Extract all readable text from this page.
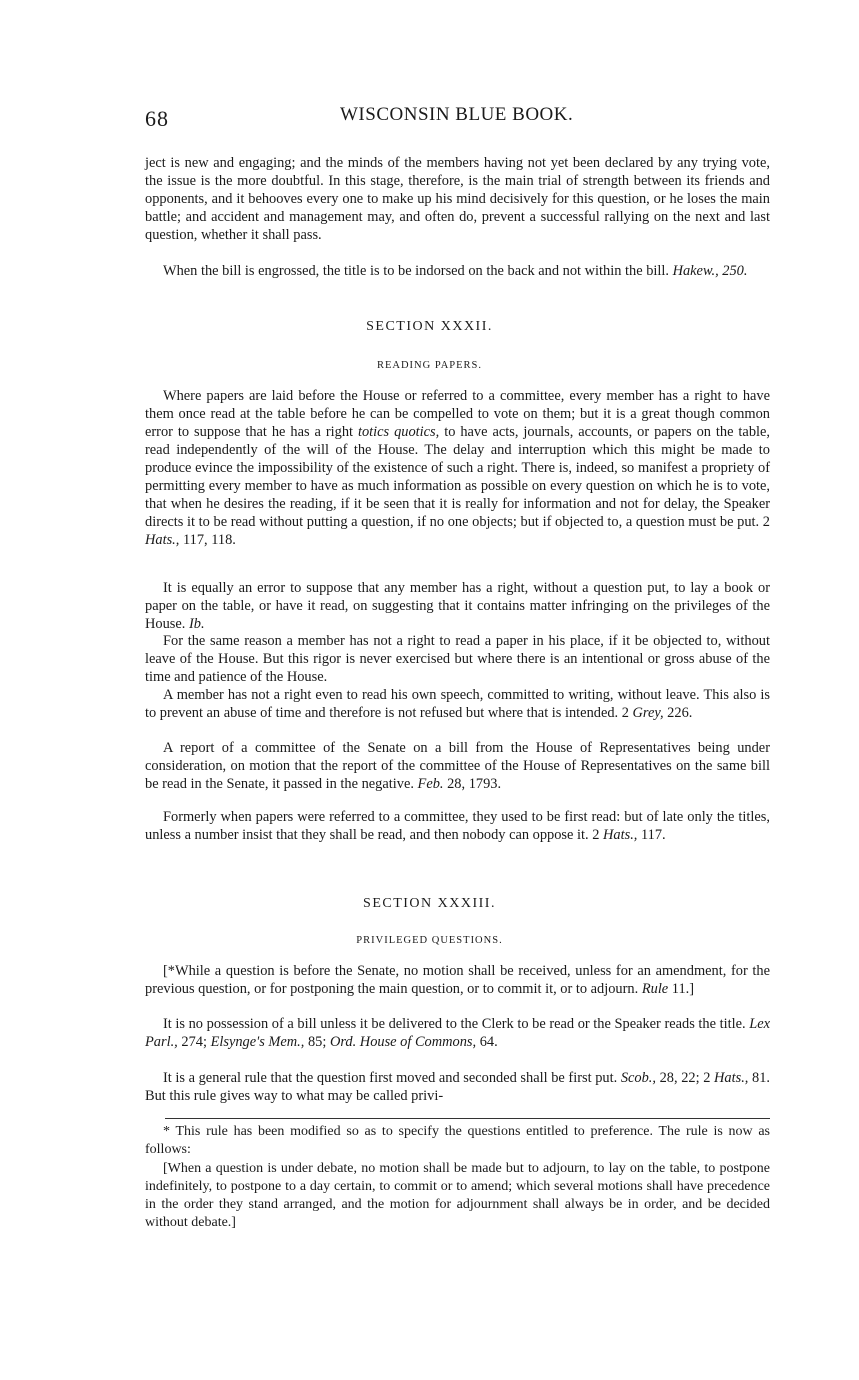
68	WISCONSIN BLUE BOOK.

ject is new and engaging; and the minds of the members having not yet been declared by any trying vote, the issue is the more doubtful. In this stage, therefore, is the main trial of strength between its friends and opponents, and it behooves every one to make up his mind decisively for this question, or he loses the main battle; and accident and management may, and often do, prevent a successful rallying on the next and last question, whether it shall pass.

When the bill is engrossed, the title is to be indorsed on the back and not within the bill. Hakew., 250.

SECTION XXXII.

READING PAPERS.

Where papers are laid before the House or referred to a committee, every member has a right to have them once read at the table before he can be compelled to vote on them; but it is a great though common error to suppose that he has a right totics quotics, to have acts, journals, accounts, or papers on the table, read independently of the will of the House. The delay and interruption which this might be made to produce evince the impossibility of the existence of such a right. There is, indeed, so manifest a propriety of permitting every member to have as much information as possible on every question on which he is to vote, that when he desires the reading, if it be seen that it is really for information and not for delay, the Speaker directs it to be read without putting a question, if no one objects; but if objected to, a question must be put. 2 Hats., 117, 118.

It is equally an error to suppose that any member has a right, without a question put, to lay a book or paper on the table, or have it read, on suggesting that it contains matter infringing on the privileges of the House. Ib.

For the same reason a member has not a right to read a paper in his place, if it be objected to, without leave of the House. But this rigor is never exercised but where there is an intentional or gross abuse of the time and patience of the House.

A member has not a right even to read his own speech, committed to writing, without leave. This also is to prevent an abuse of time and therefore is not refused but where that is intended. 2 Grey, 226.

A report of a committee of the Senate on a bill from the House of Representatives being under consideration, on motion that the report of the committee of the House of Representatives on the same bill be read in the Senate, it passed in the negative. Feb. 28, 1793.

Formerly when papers were referred to a committee, they used to be first read: but of late only the titles, unless a number insist that they shall be read, and then nobody can oppose it. 2 Hats., 117.

SECTION XXXIII.

PRIVILEGED QUESTIONS.

[*While a question is before the Senate, no motion shall be received, unless for an amendment, for the previous question, or for postponing the main question, or to commit it, or to adjourn. Rule 11.]

It is no possession of a bill unless it be delivered to the Clerk to be read or the Speaker reads the title. Lex Parl., 274; Elsynge's Mem., 85; Ord. House of Commons, 64.

It is a general rule that the question first moved and seconded shall be first put. Scob., 28, 22; 2 Hats., 81. But this rule gives way to what may be called privi-

* This rule has been modified so as to specify the questions entitled to preference. The rule is now as follows:

[When a question is under debate, no motion shall be made but to adjourn, to lay on the table, to postpone indefinitely, to postpone to a day certain, to commit or to amend; which several motions shall have precedence in the order they stand arranged, and the motion for adjournment shall always be in order, and be decided without debate.]
